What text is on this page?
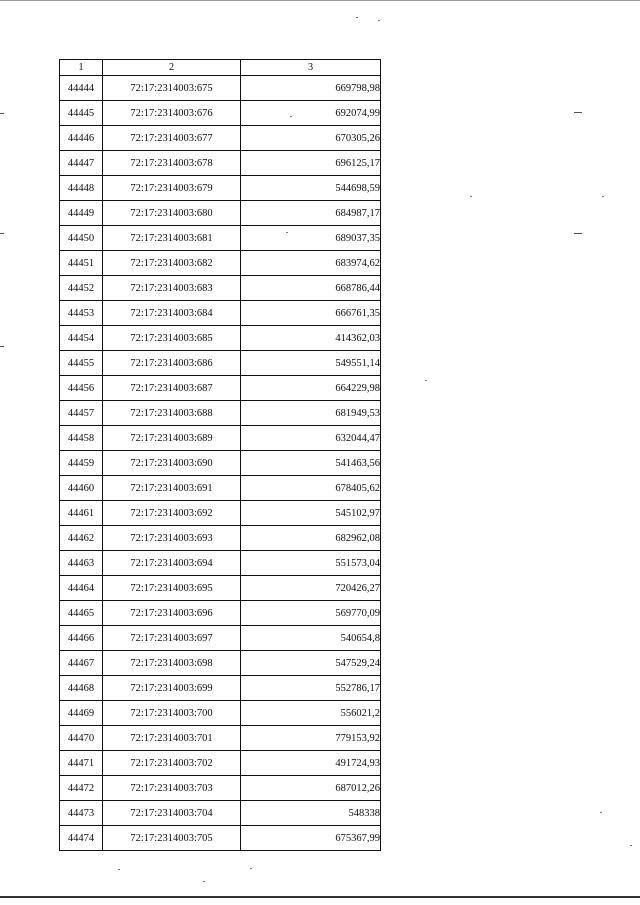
1	2	3
44444	72:17:2314003:675	669798,98
44445	72:17:2314003:676	692074,99
44446	72:17:2314003:677	670305,26
44447	72:17:2314003:678	696125,17
44448	72:17:2314003:679	544698,59
44449	72:17:2314003:680	684987,17
44450	72:17:2314003:681	689037,35
44451	72:17:2314003:682	683974,62
44452	72:17:2314003:683	668786,44
44453	72:17:2314003:684	666761,35
44454	72:17:2314003:685	414362,03
44455	72:17:2314003:686	549551,14
44456	72:17:2314003:687	664229,98
44457	72:17:2314003:688	681949,53
44458	72:17:2314003:689	632044,47
44459	72:17:2314003:690	541463,56
44460	72:17:2314003:691	678405,62
44461	72:17:2314003:692	545102,97
44462	72:17:2314003:693	682962,08
44463	72:17:2314003:694	551573,04
44464	72:17:2314003:695	720426,27
44465	72:17:2314003:696	569770,09
44466	72:17:2314003:697	540654,8
44467	72:17:2314003:698	547529,24
44468	72:17:2314003:699	552786,17
44469	72:17:2314003:700	556021,2
44470	72:17:2314003:701	779153,92
44471	72:17:2314003:702	491724,93
44472	72:17:2314003:703	687012,26
44473	72:17:2314003:704	548338
44474	72:17:2314003:705	675367,99
